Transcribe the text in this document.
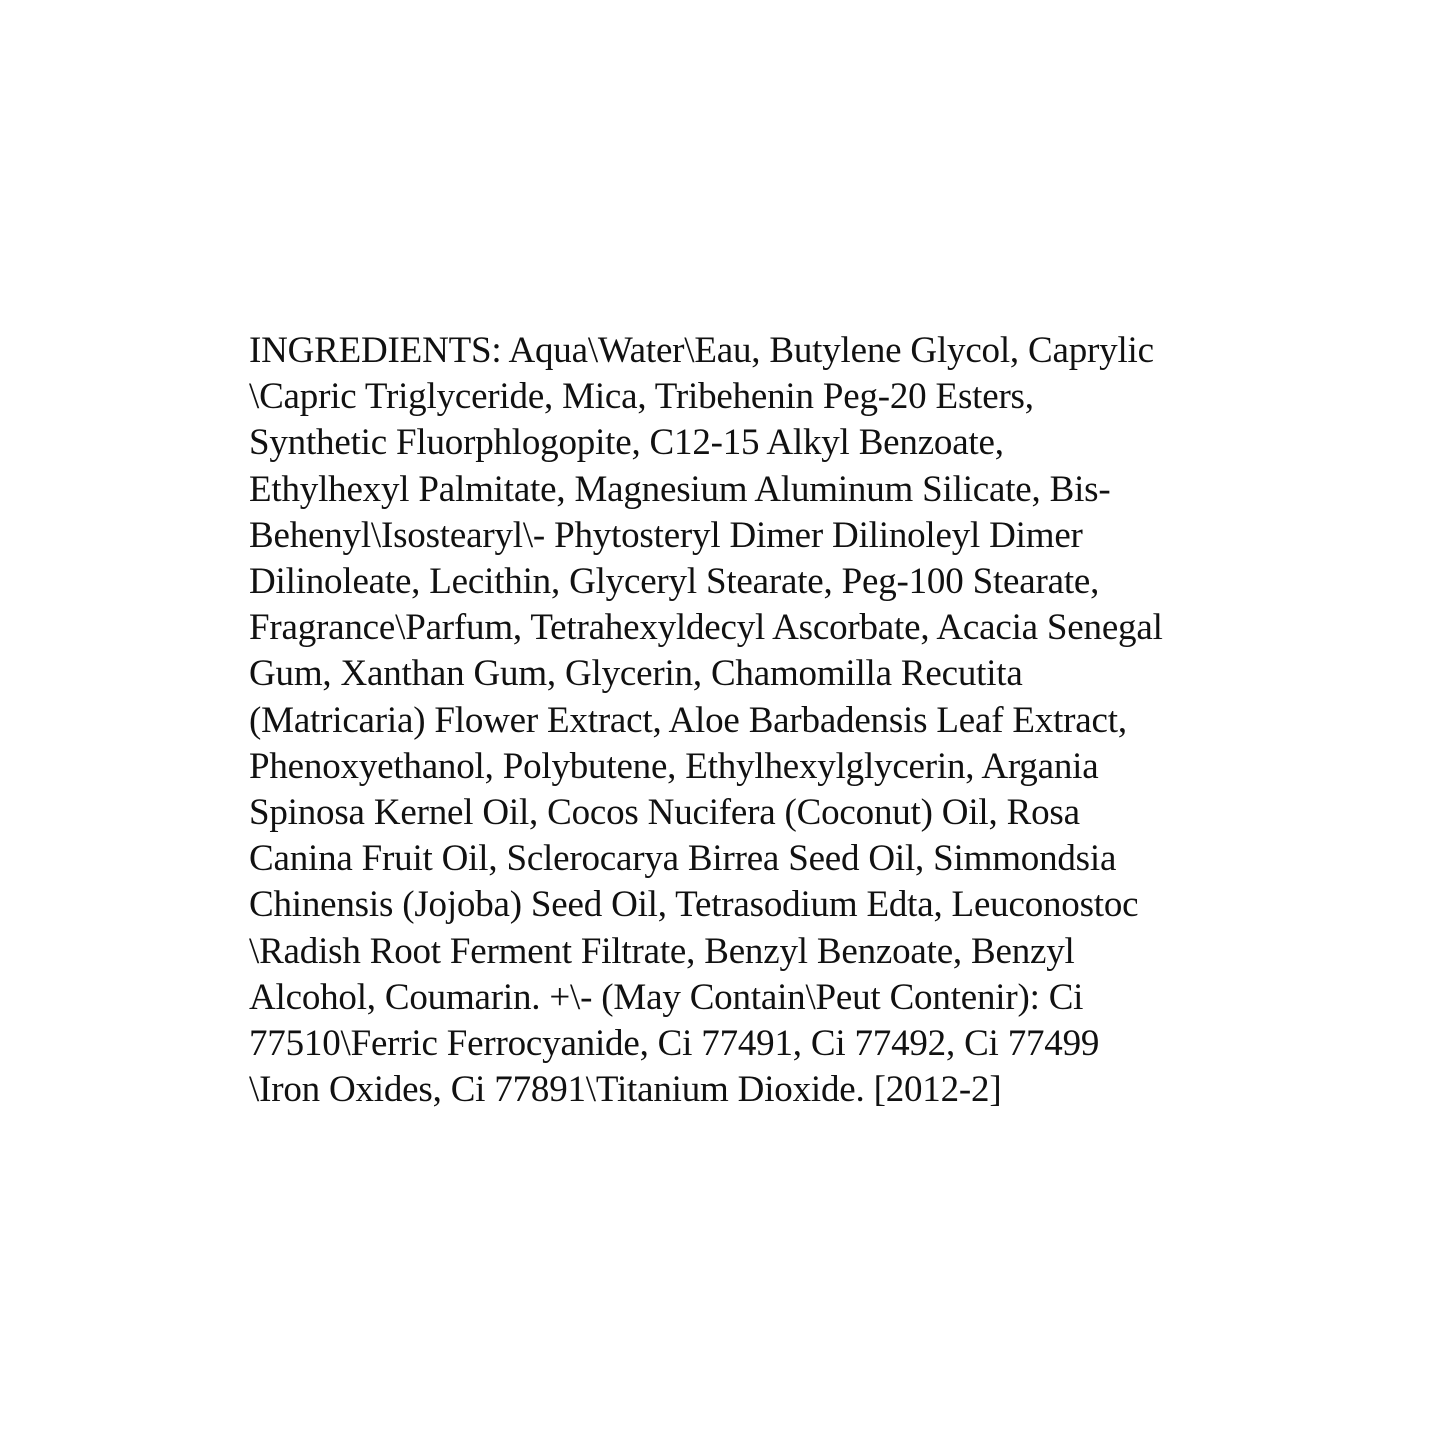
INGREDIENTS: Aqua\Water\Eau, Butylene Glycol, Caprylic
\Capric Triglyceride, Mica, Tribehenin Peg-20 Esters,
Synthetic Fluorphlogopite, C12-15 Alkyl Benzoate,
Ethylhexyl Palmitate, Magnesium Aluminum Silicate, Bis-
Behenyl\Isostearyl\- Phytosteryl Dimer Dilinoleyl Dimer
Dilinoleate, Lecithin, Glyceryl Stearate, Peg-100 Stearate,
Fragrance\Parfum, Tetrahexyldecyl Ascorbate, Acacia Senegal
Gum, Xanthan Gum, Glycerin, Chamomilla Recutita
(Matricaria) Flower Extract, Aloe Barbadensis Leaf Extract,
Phenoxyethanol, Polybutene, Ethylhexylglycerin, Argania
Spinosa Kernel Oil, Cocos Nucifera (Coconut) Oil, Rosa
Canina Fruit Oil, Sclerocarya Birrea Seed Oil, Simmondsia
Chinensis (Jojoba) Seed Oil, Tetrasodium Edta, Leuconostoc
\Radish Root Ferment Filtrate, Benzyl Benzoate, Benzyl
Alcohol, Coumarin. +\- (May Contain\Peut Contenir): Ci
77510\Ferric Ferrocyanide, Ci 77491, Ci 77492, Ci 77499
\Iron Oxides, Ci 77891\Titanium Dioxide. [2012-2]
